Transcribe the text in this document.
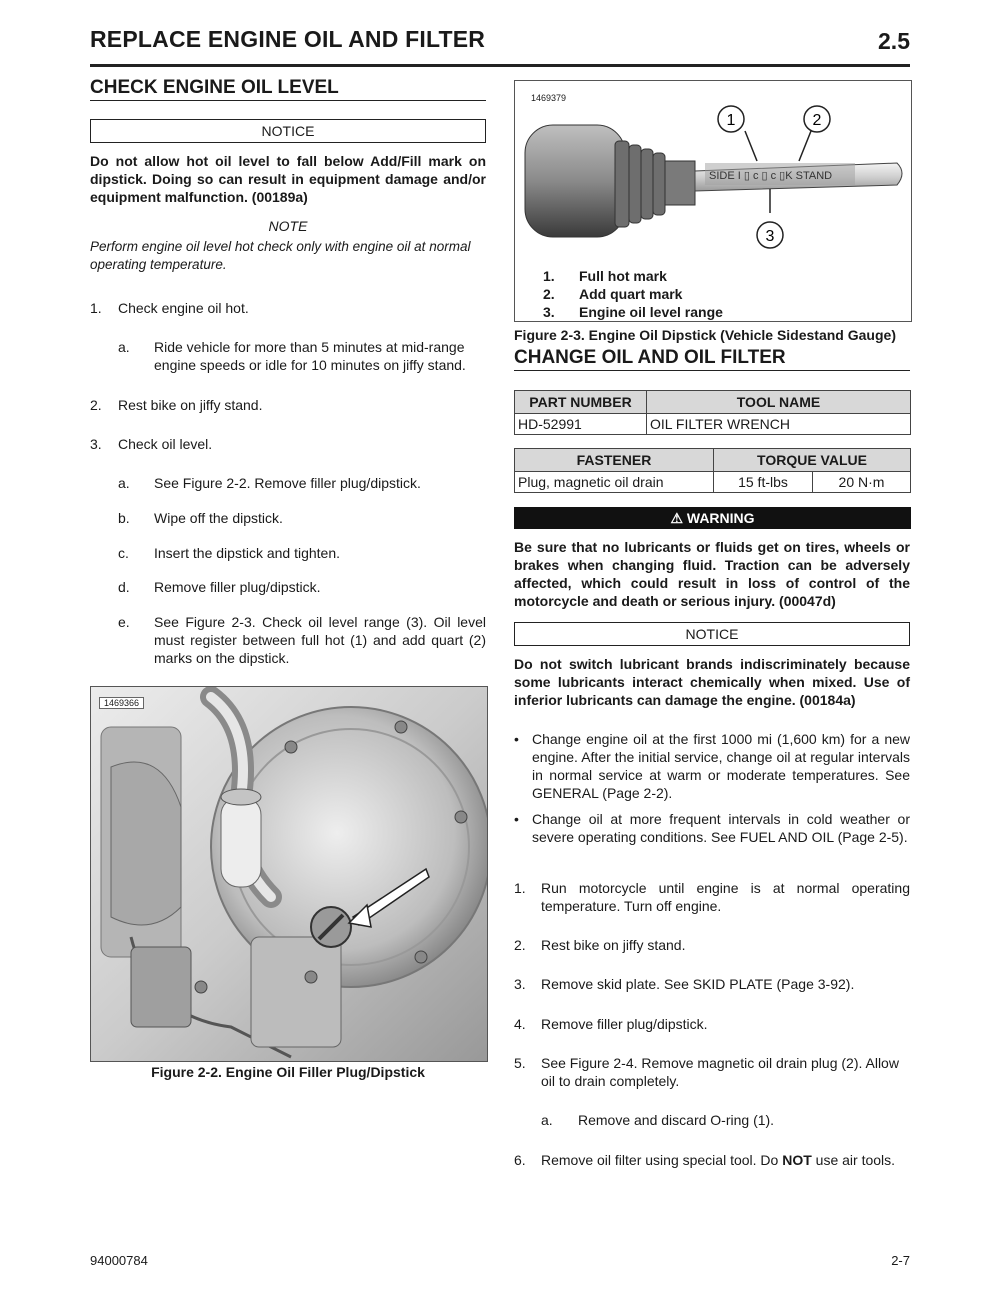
REPLACE ENGINE OIL AND FILTER	2.5
CHECK ENGINE OIL LEVEL
NOTICE
Do not allow hot oil level to fall below Add/Fill mark on dipstick. Doing so can result in equipment damage and/or equipment malfunction. (00189a)
NOTE
Perform engine oil level hot check only with engine oil at normal operating temperature.
1. Check engine oil hot.
a. Ride vehicle for more than 5 minutes at mid-range engine speeds or idle for 10 minutes on jiffy stand.
2. Rest bike on jiffy stand.
3. Check oil level.
a. See Figure 2-2. Remove filler plug/dipstick.
b. Wipe off the dipstick.
c. Insert the dipstick and tighten.
d. Remove filler plug/dipstick.
e. See Figure 2-3. Check oil level range (3). Oil level must register between full hot (1) and add quart (2) marks on the dipstick.
1469366
Figure 2-2. Engine Oil Filler Plug/Dipstick
1469379
1	2
3
SIDE I ▯ c ▯ c ▯K STAND
1. Full hot mark
2. Add quart mark
3. Engine oil level range
Figure 2-3. Engine Oil Dipstick (Vehicle Sidestand Gauge)
CHANGE OIL AND OIL FILTER
PART NUMBER	TOOL NAME
HD-52991	OIL FILTER WRENCH
FASTENER	TORQUE VALUE	
Plug, magnetic oil drain	15 ft-lbs	20 N·m
⚠ WARNING
Be sure that no lubricants or fluids get on tires, wheels or brakes when changing fluid. Traction can be adversely affected, which could result in loss of control of the motorcycle and death or serious injury. (00047d)
NOTICE
Do not switch lubricant brands indiscriminately because some lubricants interact chemically when mixed. Use of inferior lubricants can damage the engine. (00184a)
• Change engine oil at the first 1000 mi (1,600 km) for a new engine. After the initial service, change oil at regular intervals in normal service at warm or moderate temperatures. See GENERAL (Page 2-2).
• Change oil at more frequent intervals in cold weather or severe operating conditions. See FUEL AND OIL (Page 2-5).
1. Run motorcycle until engine is at normal operating temperature. Turn off engine.
2. Rest bike on jiffy stand.
3. Remove skid plate. See SKID PLATE (Page 3-92).
4. Remove filler plug/dipstick.
5. See Figure 2-4. Remove magnetic oil drain plug (2). Allow oil to drain completely.
a. Remove and discard O-ring (1).
6. Remove oil filter using special tool. Do NOT use air tools.
94000784	2-7
